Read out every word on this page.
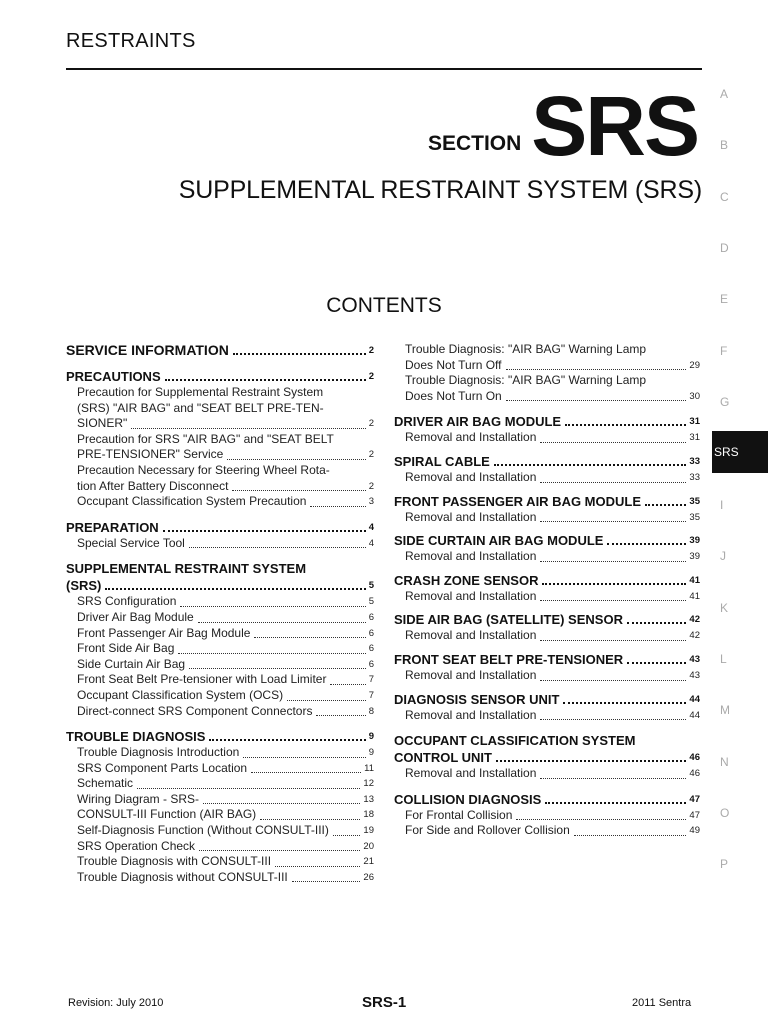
RESTRAINTS
SECTION SRS
SUPPLEMENTAL RESTRAINT SYSTEM (SRS)
CONTENTS
A
B
C
D
E
F
G
SRS
I
J
K
L
M
N
O
P
SERVICE INFORMATION	2
PRECAUTIONS	2
Precaution for Supplemental Restraint System
(SRS) "AIR BAG" and "SEAT BELT PRE-TEN-
SIONER"	2
Precaution for SRS "AIR BAG" and "SEAT BELT
PRE-TENSIONER" Service	2
Precaution Necessary for Steering Wheel Rota-
tion After Battery Disconnect	2
Occupant Classification System Precaution	3
PREPARATION	4
Special Service Tool	4
SUPPLEMENTAL RESTRAINT SYSTEM
(SRS)	5
SRS Configuration	5
Driver Air Bag Module	6
Front Passenger Air Bag Module	6
Front Side Air Bag	6
Side Curtain Air Bag	6
Front Seat Belt Pre-tensioner with Load Limiter	7
Occupant Classification System (OCS)	7
Direct-connect SRS Component Connectors	8
TROUBLE DIAGNOSIS	9
Trouble Diagnosis Introduction	9
SRS Component Parts Location	11
Schematic	12
Wiring Diagram - SRS-	13
CONSULT-III Function (AIR BAG)	18
Self-Diagnosis Function (Without CONSULT-III)	19
SRS Operation Check	20
Trouble Diagnosis with CONSULT-III	21
Trouble Diagnosis without CONSULT-III	26
Trouble Diagnosis: "AIR BAG" Warning Lamp
Does Not Turn Off	29
Trouble Diagnosis: "AIR BAG" Warning Lamp
Does Not Turn On	30
DRIVER AIR BAG MODULE	31
Removal and Installation	31
SPIRAL CABLE	33
Removal and Installation	33
FRONT PASSENGER AIR BAG MODULE	35
Removal and Installation	35
SIDE CURTAIN AIR BAG MODULE	39
Removal and Installation	39
CRASH ZONE SENSOR	41
Removal and Installation	41
SIDE AIR BAG (SATELLITE) SENSOR	42
Removal and Installation	42
FRONT SEAT BELT PRE-TENSIONER	43
Removal and Installation	43
DIAGNOSIS SENSOR UNIT	44
Removal and Installation	44
OCCUPANT CLASSIFICATION SYSTEM
CONTROL UNIT	46
Removal and Installation	46
COLLISION DIAGNOSIS	47
For Frontal Collision	47
For Side and Rollover Collision	49
Revision: July 2010	SRS-1	2011 Sentra
